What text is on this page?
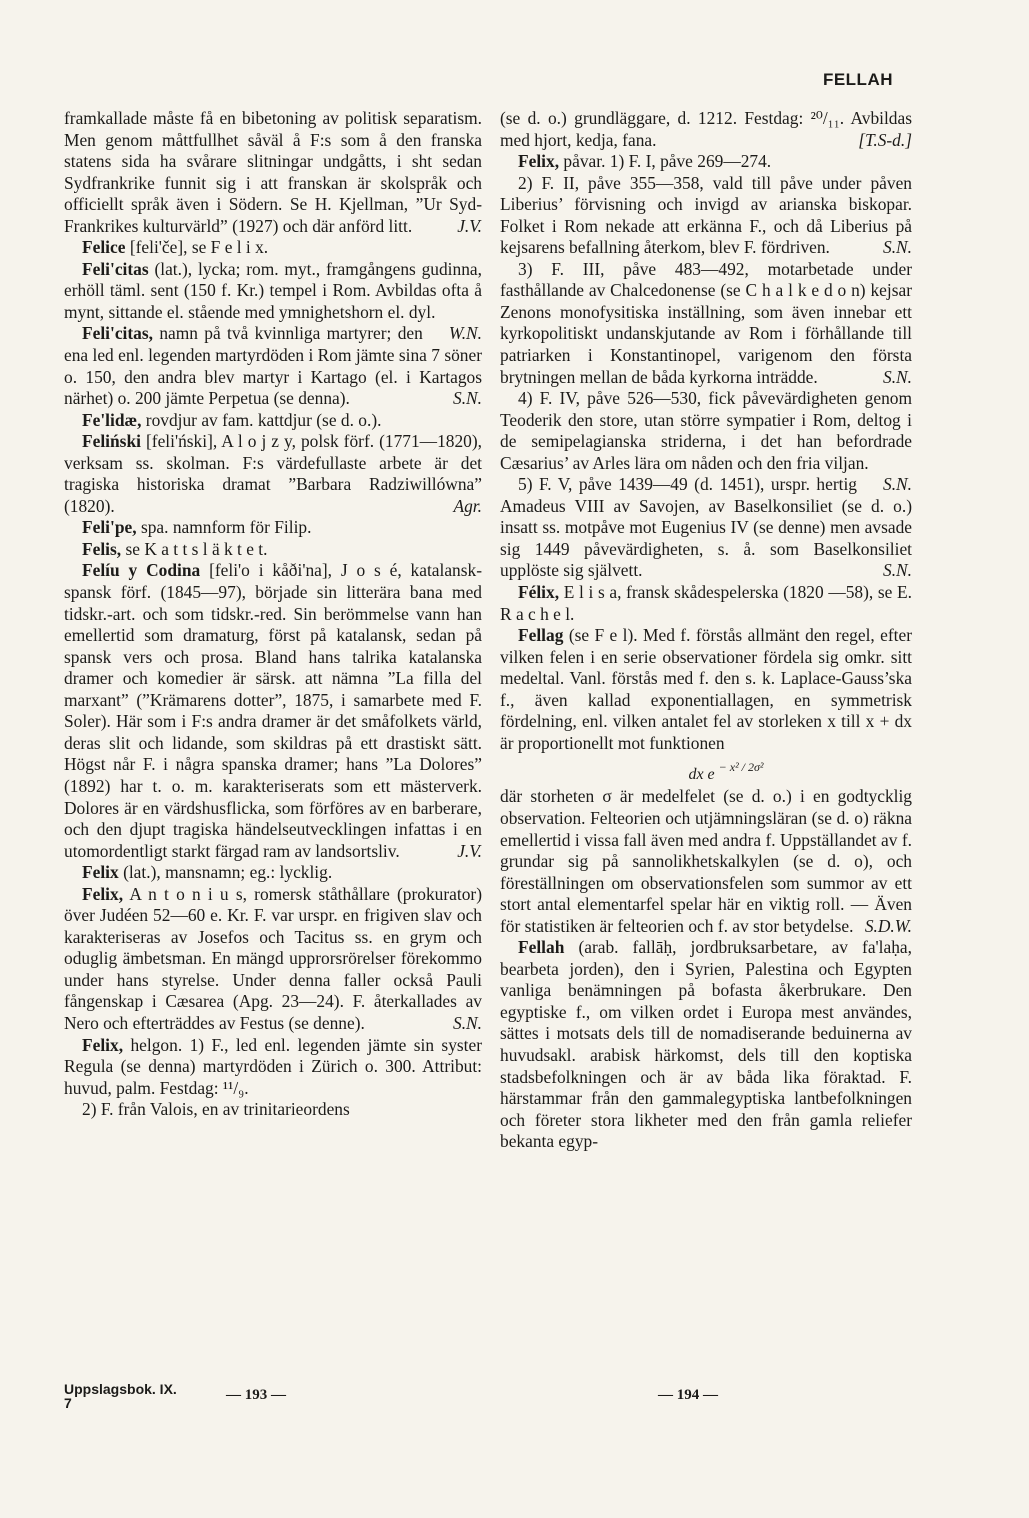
FELLAH

framkallade måste få en bibetoning av politisk separatism. Men genom måttfullhet såväl å F:s som å den franska statens sida ha svårare slitningar undgåtts, i sht sedan Sydfrankrike funnit sig i att franskan är skolspråk och officiellt språk även i Södern. Se H. Kjellman, ”Ur Syd-Frankrikes kulturvärld” (1927) och där anförd litt.	J.V.

Felice [feli'če], se F e l i x.

Feli'citas (lat.), lycka; rom. myt., framgångens gudinna, erhöll täml. sent (150 f. Kr.) tempel i Rom. Avbildas ofta å mynt, sittande el. stående med ymnighetshorn el. dyl.
W.N.

Feli'citas, namn på två kvinnliga martyrer; den ena led enl. legenden martyrdöden i Rom jämte sina 7 söner o. 150, den andra blev martyr i Kartago (el. i Kartagos närhet) o. 200 jämte Perpetua (se denna).	S.N.

Fe'lidæ, rovdjur av fam. kattdjur (se d. o.).

Feliński [feli'ński], A l o j z y, polsk förf. (1771—1820), verksam ss. skolman. F:s värdefullaste arbete är det tragiska historiska dramat ”Barbara Radziwillówna” (1820).	Agr.

Feli'pe, spa. namnform för Filip.

Felis, se K a t t s l ä k t e t.

Felíu y Codina [feli'o i kåði'na], J o s é, katalansk-spansk förf. (1845—97), började sin litterära bana med tidskr.-art. och som tidskr.-red. Sin berömmelse vann han emellertid som dramaturg, först på katalansk, sedan på spansk vers och prosa. Bland hans talrika katalanska dramer och komedier är särsk. att nämna ”La filla del marxant” (”Krämarens dotter”, 1875, i samarbete med F. Soler). Här som i F:s andra dramer är det småfolkets värld, deras slit och lidande, som skildras på ett drastiskt sätt. Högst når F. i några spanska dramer; hans ”La Dolores” (1892) har t. o. m. karakteriserats som ett mästerverk. Dolores är en värdshusflicka, som förföres av en barberare, och den djupt tragiska händelseutvecklingen infattas i en utomordentligt starkt färgad ram av landsortsliv.	J.V.

Felix (lat.), mansnamn; eg.: lycklig.

Felix, A n t o n i u s, romersk ståthållare (prokurator) över Judéen 52—60 e. Kr. F. var urspr. en frigiven slav och karakteriseras av Josefos och Tacitus ss. en grym och oduglig ämbetsman. En mängd upprorsrörelser förekommo under hans styrelse. Under denna faller också Pauli fångenskap i Cæsarea (Apg. 23—24). F. återkallades av Nero och efterträddes av Festus (se denne).	S.N.

Felix, helgon. 1) F., led enl. legenden jämte sin syster Regula (se denna) martyrdöden i Zürich o. 300. Attribut: huvud, palm. Festdag: ¹¹/₉.

2) F. från Valois, en av trinitarieordens

(se d. o.) grundläggare, d. 1212. Festdag: ²⁰/₁₁. Avbildas med hjort, kedja, fana.	[T.S-d.]

Felix, påvar. 1) F. I, påve 269—274.

2) F. II, påve 355—358, vald till påve under påven Liberius’ förvisning och invigd av arianska biskopar. Folket i Rom nekade att erkänna F., och då Liberius på kejsarens befallning återkom, blev F. fördriven.	S.N.

3) F. III, påve 483—492, motarbetade under fasthållande av Chalcedonense (se C h a l k e d o n) kejsar Zenons monofysitiska inställning, som även innebar ett kyrkopolitiskt undanskjutande av Rom i förhållande till patriarken i Konstantinopel, varigenom den första brytningen mellan de båda kyrkorna inträdde.	S.N.

4) F. IV, påve 526—530, fick påvevärdigheten genom Teoderik den store, utan större sympatier i Rom, deltog i de semipelagianska striderna, i det han befordrade Cæsarius’ av Arles lära om nåden och den fria viljan.
S.N.

5) F. V, påve 1439—49 (d. 1451), urspr. hertig Amadeus VIII av Savojen, av Baselkonsiliet (se d. o.) insatt ss. motpåve mot Eugenius IV (se denne) men avsade sig 1449 påvevärdigheten, s. å. som Baselkonsiliet upplöste sig självett.	S.N.

Félix, E l i s a, fransk skådespelerska (1820 —58), se E. R a c h e l.

Fellag (se F e l). Med f. förstås allmänt den regel, efter vilken felen i en serie observationer fördela sig omkr. sitt medeltal. Vanl. förstås med f. den s. k. Laplace-Gauss’ska f., även kallad exponentiallagen, en symmetrisk fördelning, enl. vilken antalet fel av storleken x till x + dx är proportionellt mot funktionen

dx e $^{- x^2 / 2\sigma^2}$

där storheten σ är medelfelet (se d. o.) i en godtycklig observation. Felteorien och utjämningsläran (se d. o) räkna emellertid i vissa fall även med andra f. Uppställandet av f. grundar sig på sannolikhetskalkylen (se d. o), och föreställningen om observationsfelen som summor av ett stort antal elementarfel spelar här en viktig roll. — Även för statistiken är felteorien och f. av stor betydelse. S.D.W.

Fellah (arab. fallāḥ, jordbruksarbetare, av fa'laḥa, bearbeta jorden), den i Syrien, Palestina och Egypten vanliga benämningen på bofasta åkerbrukare. Den egyptiske f., om vilken ordet i Europa mest användes, sättes i motsats dels till de nomadiserande beduinerna av huvudsakl. arabisk härkomst, dels till den koptiska stadsbefolkningen och är av båda lika föraktad. F. härstammar från den gammalegyptiska lantbefolkningen och företer stora likheter med den från gamla reliefer bekanta egyp-

Uppslagsbok. IX.
7	— 193 —	— 194 —
